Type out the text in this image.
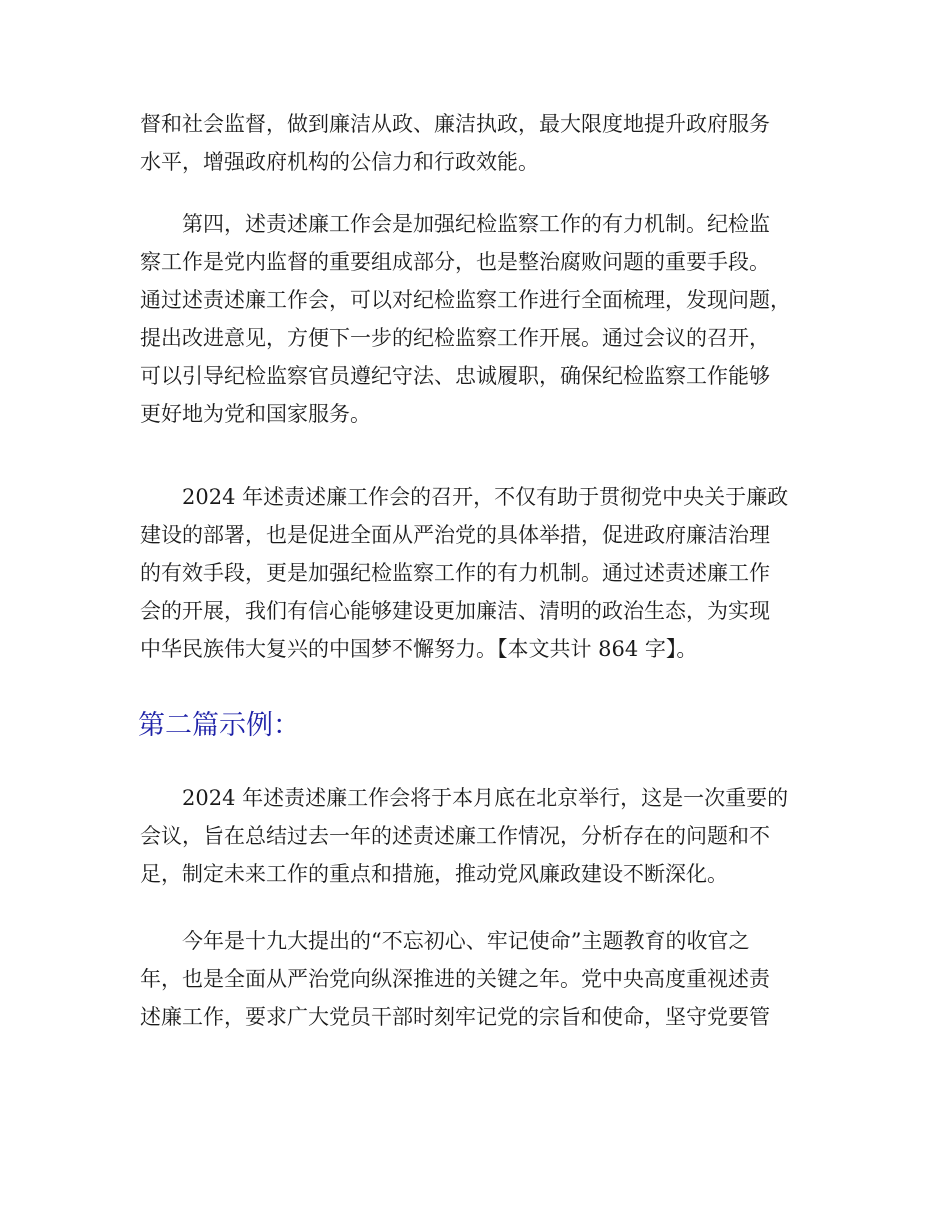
督和社会监督，做到廉洁从政、廉洁执政，最大限度地提升政府服务
水平，增强政府机构的公信力和行政效能。
　　第四，述责述廉工作会是加强纪检监察工作的有力机制。纪检监
察工作是党内监督的重要组成部分，也是整治腐败问题的重要手段。
通过述责述廉工作会，可以对纪检监察工作进行全面梳理，发现问题，
提出改进意见，方便下一步的纪检监察工作开展。通过会议的召开，
可以引导纪检监察官员遵纪守法、忠诚履职，确保纪检监察工作能够
更好地为党和国家服务。
　　2024 年述责述廉工作会的召开，不仅有助于贯彻党中央关于廉政
建设的部署，也是促进全面从严治党的具体举措，促进政府廉洁治理
的有效手段，更是加强纪检监察工作的有力机制。通过述责述廉工作
会的开展，我们有信心能够建设更加廉洁、清明的政治生态，为实现
中华民族伟大复兴的中国梦不懈努力。【本文共计 864 字】。
第二篇示例：
　　2024 年述责述廉工作会将于本月底在北京举行，这是一次重要的
会议，旨在总结过去一年的述责述廉工作情况，分析存在的问题和不
足，制定未来工作的重点和措施，推动党风廉政建设不断深化。
　　今年是十九大提出的“不忘初心、牢记使命”主题教育的收官之
年，也是全面从严治党向纵深推进的关键之年。党中央高度重视述责
述廉工作，要求广大党员干部时刻牢记党的宗旨和使命，坚守党要管
